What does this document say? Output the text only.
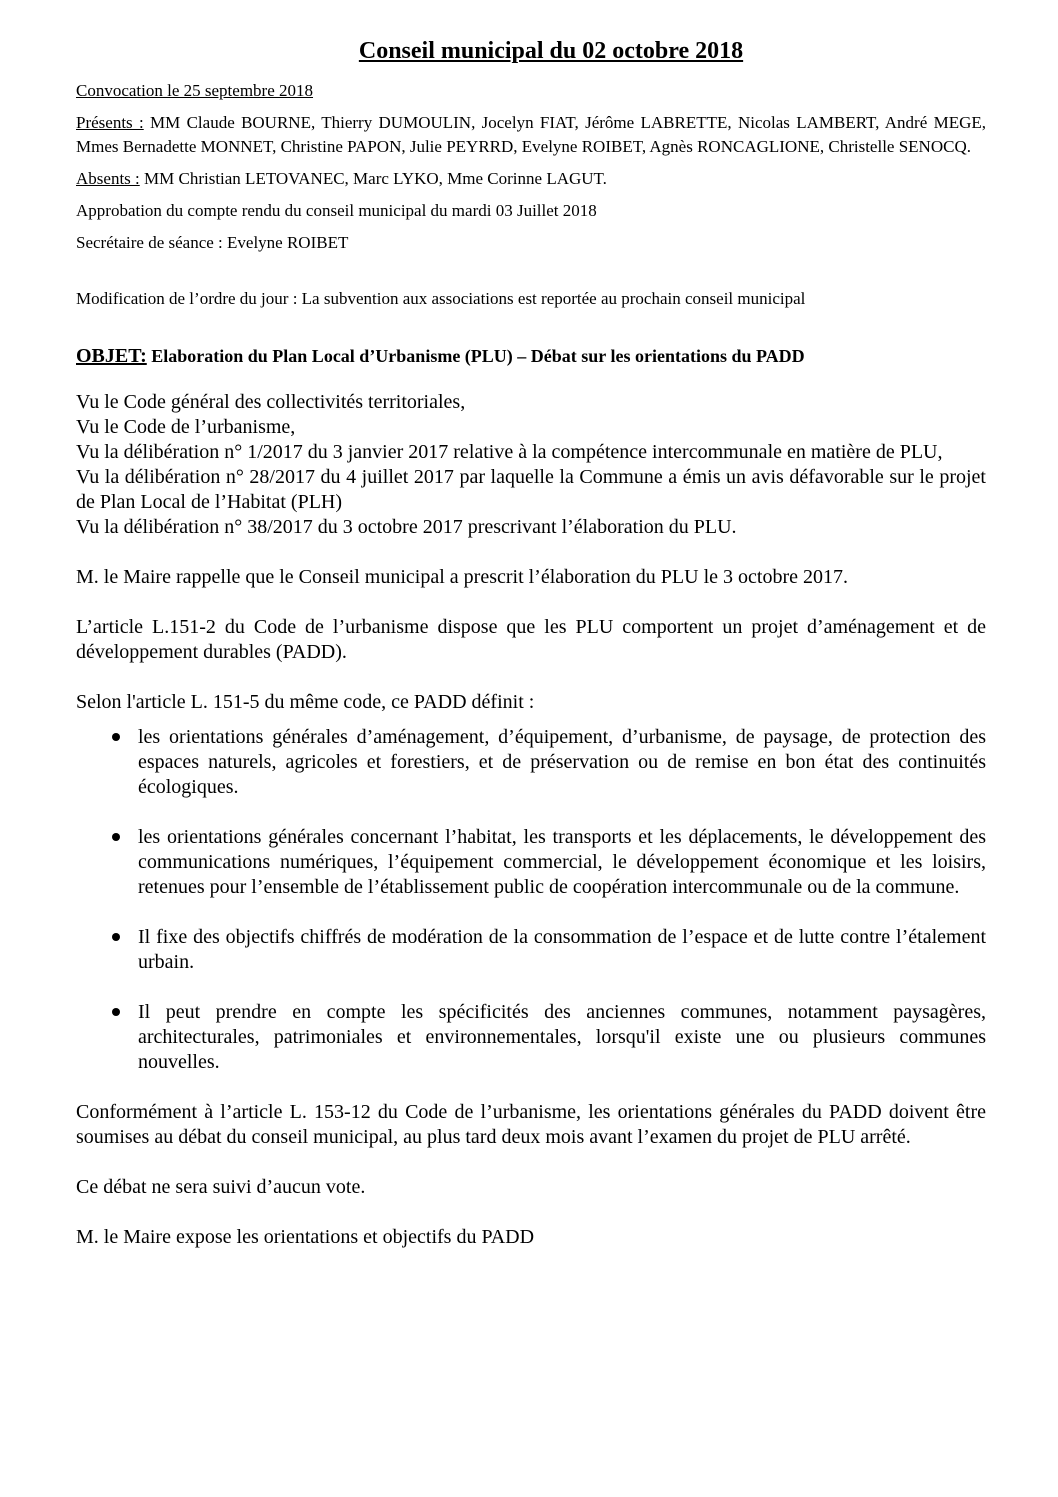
Conseil municipal du 02 octobre 2018

Convocation le 25 septembre 2018

Présents : MM Claude BOURNE, Thierry DUMOULIN, Jocelyn FIAT, Jérôme LABRETTE, Nicolas LAMBERT, André MEGE, Mmes Bernadette MONNET, Christine PAPON, Julie PEYRRD, Evelyne ROIBET, Agnès RONCAGLIONE, Christelle SENOCQ.

Absents : MM Christian LETOVANEC, Marc LYKO, Mme Corinne LAGUT.

Approbation du compte rendu du conseil municipal du mardi 03 Juillet 2018

Secrétaire de séance : Evelyne ROIBET

Modification de l’ordre du jour : La subvention aux associations est reportée au prochain conseil municipal

OBJET: Elaboration du Plan Local d’Urbanisme (PLU) – Débat sur les orientations du PADD

Vu le Code général des collectivités territoriales,
Vu le Code de l’urbanisme,
Vu la délibération n° 1/2017 du 3 janvier 2017 relative à la compétence intercommunale en matière de PLU,
Vu la délibération n° 28/2017 du 4 juillet 2017 par laquelle la Commune a émis un avis défavorable sur le projet de Plan Local de l’Habitat (PLH)
Vu la délibération n° 38/2017 du 3 octobre 2017 prescrivant l’élaboration du PLU.

M. le Maire rappelle que le Conseil municipal a prescrit l’élaboration du PLU le 3 octobre 2017.

L’article L.151-2 du Code de l’urbanisme dispose que les PLU comportent un projet d’aménagement et de développement durables (PADD).

Selon l'article L. 151-5 du même code, ce PADD définit :

les orientations générales d’aménagement, d’équipement, d’urbanisme, de paysage, de protection des espaces naturels, agricoles et forestiers, et de préservation ou de remise en bon état des continuités écologiques.
les orientations générales concernant l’habitat, les transports et les déplacements, le développement des communications numériques, l’équipement commercial, le développement économique et les loisirs, retenues pour l’ensemble de l’établissement public de coopération intercommunale ou de la commune.
Il fixe des objectifs chiffrés de modération de la consommation de l’espace et de lutte contre l’étalement urbain.
Il peut prendre en compte les spécificités des anciennes communes, notamment paysagères, architecturales, patrimoniales et environnementales, lorsqu'il existe une ou plusieurs communes nouvelles.

Conformément à l’article L. 153-12 du Code de l’urbanisme, les orientations générales du PADD doivent être soumises au débat du conseil municipal, au plus tard deux mois avant l’examen du projet de PLU arrêté.

Ce débat ne sera suivi d’aucun vote.

M. le Maire expose les orientations et objectifs du PADD
